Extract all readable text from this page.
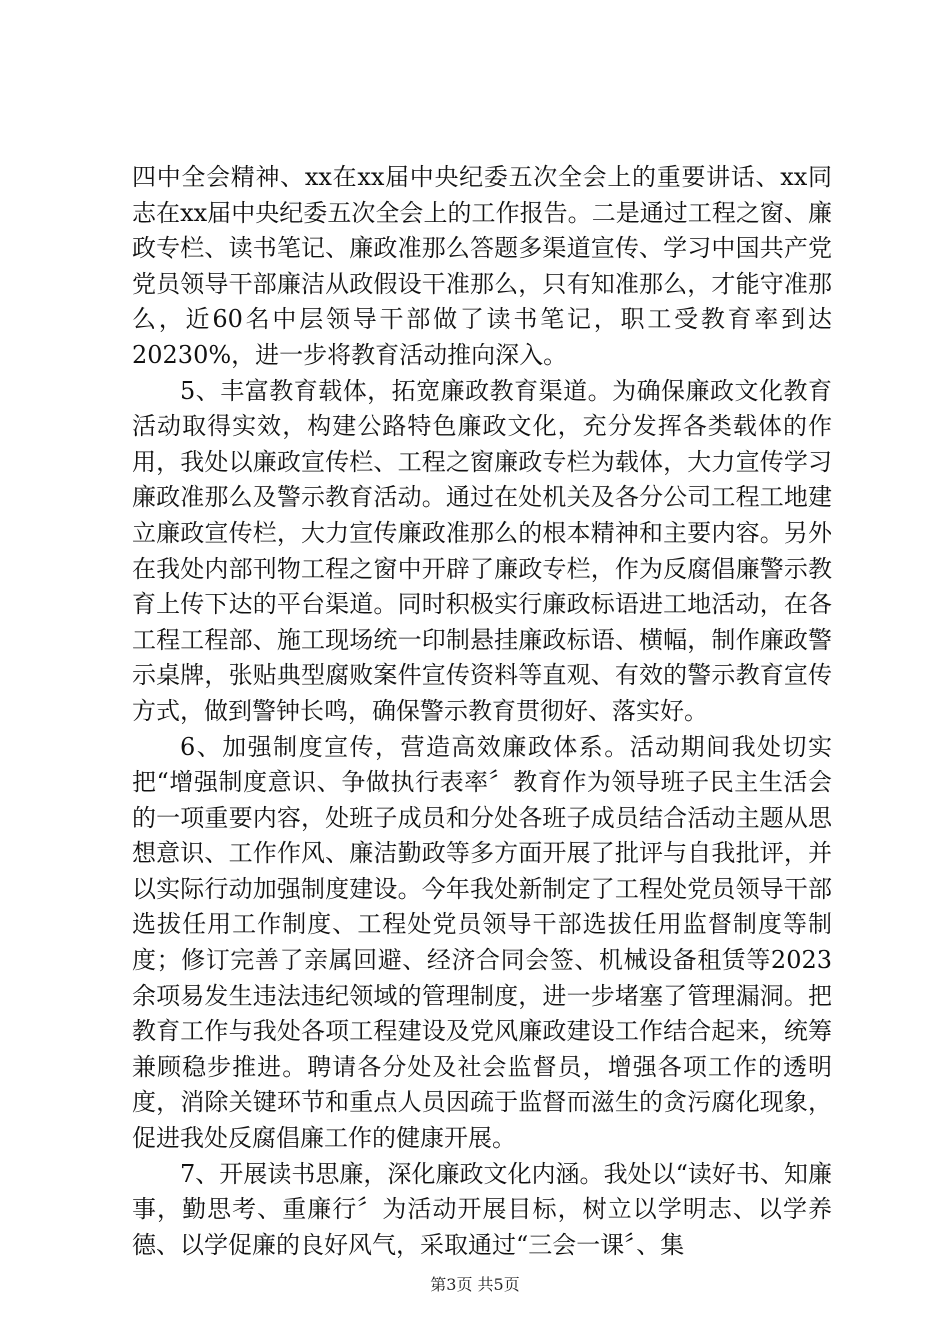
四中全会精神、xx在xx届中央纪委五次全会上的重要讲话、xx同志在xx届中央纪委五次全会上的工作报告。二是通过工程之窗、廉政专栏、读书笔记、廉政准那么答题多渠道宣传、学习中国共产党党员领导干部廉洁从政假设干准那么，只有知准那么，才能守准那么，近60名中层领导干部做了读书笔记，职工受教育率到达20230%，进一步将教育活动推向深入。

5、丰富教育载体，拓宽廉政教育渠道。为确保廉政文化教育活动取得实效，构建公路特色廉政文化，充分发挥各类载体的作用，我处以廉政宣传栏、工程之窗廉政专栏为载体，大力宣传学习廉政准那么及警示教育活动。通过在处机关及各分公司工程工地建立廉政宣传栏，大力宣传廉政准那么的根本精神和主要内容。另外在我处内部刊物工程之窗中开辟了廉政专栏，作为反腐倡廉警示教育上传下达的平台渠道。同时积极实行廉政标语进工地活动，在各工程工程部、施工现场统一印制悬挂廉政标语、横幅，制作廉政警示桌牌，张贴典型腐败案件宣传资料等直观、有效的警示教育宣传方式，做到警钟长鸣，确保警示教育贯彻好、落实好。

6、加强制度宣传，营造高效廉政体系。活动期间我处切实把“增强制度意识、争做执行表率〞教育作为领导班子民主生活会的一项重要内容，处班子成员和分处各班子成员结合活动主题从思想意识、工作作风、廉洁勤政等多方面开展了批评与自我批评，并以实际行动加强制度建设。今年我处新制定了工程处党员领导干部选拔任用工作制度、工程处党员领导干部选拔任用监督制度等制度；修订完善了亲属回避、经济合同会签、机械设备租赁等2023余项易发生违法违纪领域的管理制度，进一步堵塞了管理漏洞。把教育工作与我处各项工程建设及党风廉政建设工作结合起来，统筹兼顾稳步推进。聘请各分处及社会监督员，增强各项工作的透明度，消除关键环节和重点人员因疏于监督而滋生的贪污腐化现象，促进我处反腐倡廉工作的健康开展。

7、开展读书思廉，深化廉政文化内涵。我处以“读好书、知廉事，勤思考、重廉行〞为活动开展目标，树立以学明志、以学养德、以学促廉的良好风气，采取通过“三会一课〞、集

第3页 共5页
